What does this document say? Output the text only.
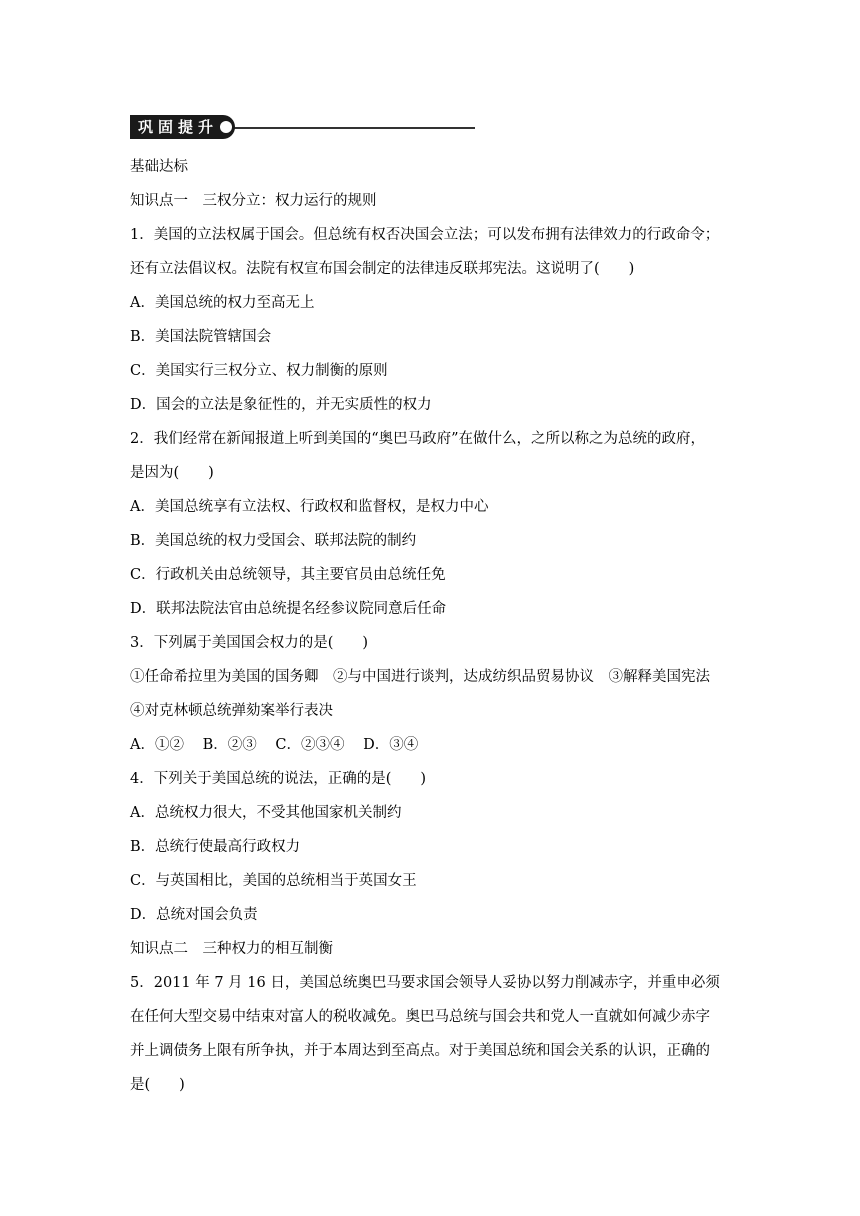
巩固提升
基础达标
知识点一　三权分立：权力运行的规则
1．美国的立法权属于国会。但总统有权否决国会立法；可以发布拥有法律效力的行政命令；
还有立法倡议权。法院有权宣布国会制定的法律违反联邦宪法。这说明了(　　)
A．美国总统的权力至高无上
B．美国法院管辖国会
C．美国实行三权分立、权力制衡的原则
D．国会的立法是象征性的，并无实质性的权力
2．我们经常在新闻报道上听到美国的“奥巴马政府”在做什么，之所以称之为总统的政府，
是因为(　　)
A．美国总统享有立法权、行政权和监督权，是权力中心
B．美国总统的权力受国会、联邦法院的制约
C．行政机关由总统领导，其主要官员由总统任免
D．联邦法院法官由总统提名经参议院同意后任命
3．下列属于美国国会权力的是(　　)
①任命希拉里为美国的国务卿　②与中国进行谈判，达成纺织品贸易协议　③解释美国宪法
④对克林顿总统弹劾案举行表决
A．①② B．②③ C．②③④ D．③④
4．下列关于美国总统的说法，正确的是(　　)
A．总统权力很大，不受其他国家机关制约
B．总统行使最高行政权力
C．与英国相比，美国的总统相当于英国女王
D．总统对国会负责
知识点二　三种权力的相互制衡
5．2011 年 7 月 16 日，美国总统奥巴马要求国会领导人妥协以努力削减赤字，并重申必须
在任何大型交易中结束对富人的税收减免。奥巴马总统与国会共和党人一直就如何减少赤字
并上调债务上限有所争执，并于本周达到至高点。对于美国总统和国会关系的认识，正确的
是(　　)
